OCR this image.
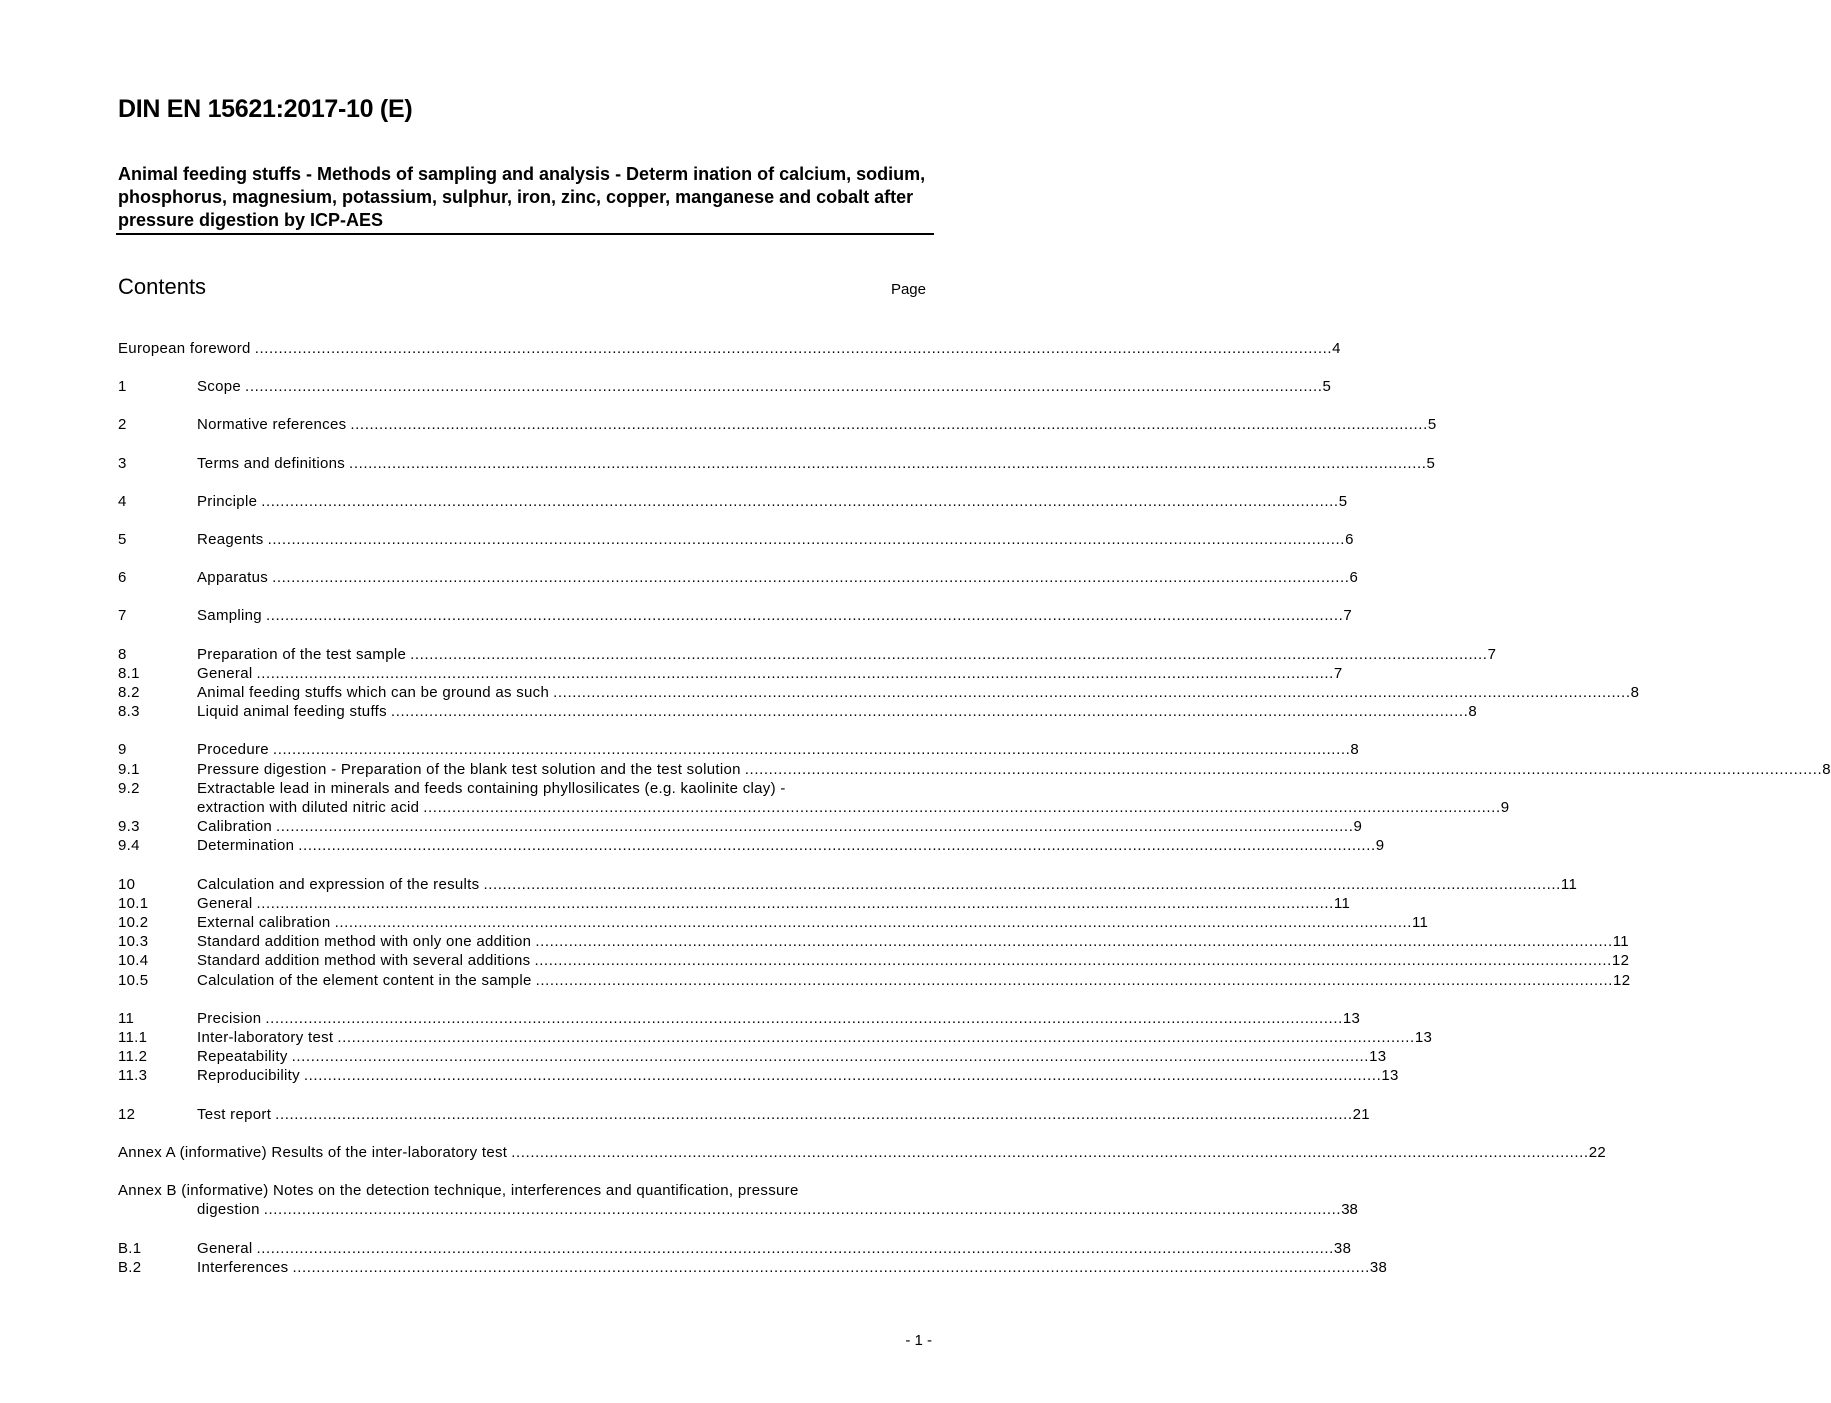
DIN EN 15621:2017-10 (E)
Animal feeding stuffs - Methods of sampling and analysis - Determ ination of calcium, sodium, phosphorus, magnesium, potassium, sulphur, iron, zinc, copper, manganese and cobalt after pressure digestion by ICP-AES
Contents	Page
European foreword .................................................................................................................................................................................................................................. 4
1	Scope .................................................................................................................................................................................................................................. 5
2	Normative references .................................................................................................................................................................................................................................. 5
3	Terms and definitions .................................................................................................................................................................................................................................. 5
4	Principle .................................................................................................................................................................................................................................. 5
5	Reagents .................................................................................................................................................................................................................................. 6
6	Apparatus .................................................................................................................................................................................................................................. 6
7	Sampling .................................................................................................................................................................................................................................. 7
8	Preparation of the test sample .................................................................................................................................................................................................................................. 7
8.1	General .................................................................................................................................................................................................................................. 7
8.2	Animal feeding stuffs which can be ground as such .................................................................................................................................................................................................................................. 8
8.3	Liquid animal feeding stuffs .................................................................................................................................................................................................................................. 8
9	Procedure .................................................................................................................................................................................................................................. 8
9.1	Pressure digestion - Preparation of the blank test solution and the test solution .................................................................................................................................................................................................................................. 8
9.2	Extractable lead in minerals and feeds containing phyllosilicates (e.g. kaolinite clay) -
extraction with diluted nitric acid .................................................................................................................................................................................................................................. 9
9.3	Calibration .................................................................................................................................................................................................................................. 9
9.4	Determination .................................................................................................................................................................................................................................. 9
10	Calculation and expression of the results .................................................................................................................................................................................................................................. 11
10.1	General .................................................................................................................................................................................................................................. 11
10.2	External calibration .................................................................................................................................................................................................................................. 11
10.3	Standard addition method with only one addition .................................................................................................................................................................................................................................. 11
10.4	Standard addition method with several additions .................................................................................................................................................................................................................................. 12
10.5	Calculation of the element content in the sample .................................................................................................................................................................................................................................. 12
11	Precision .................................................................................................................................................................................................................................. 13
11.1	Inter-laboratory test .................................................................................................................................................................................................................................. 13
11.2	Repeatability .................................................................................................................................................................................................................................. 13
11.3	Reproducibility .................................................................................................................................................................................................................................. 13
12	Test report .................................................................................................................................................................................................................................. 21
Annex A (informative) Results of the inter-laboratory test .................................................................................................................................................................................................................................. 22
Annex B (informative) Notes on the detection technique, interferences and quantification, pressure
digestion .................................................................................................................................................................................................................................. 38
B.1	General .................................................................................................................................................................................................................................. 38
B.2	Interferences .................................................................................................................................................................................................................................. 38
- 1 -
